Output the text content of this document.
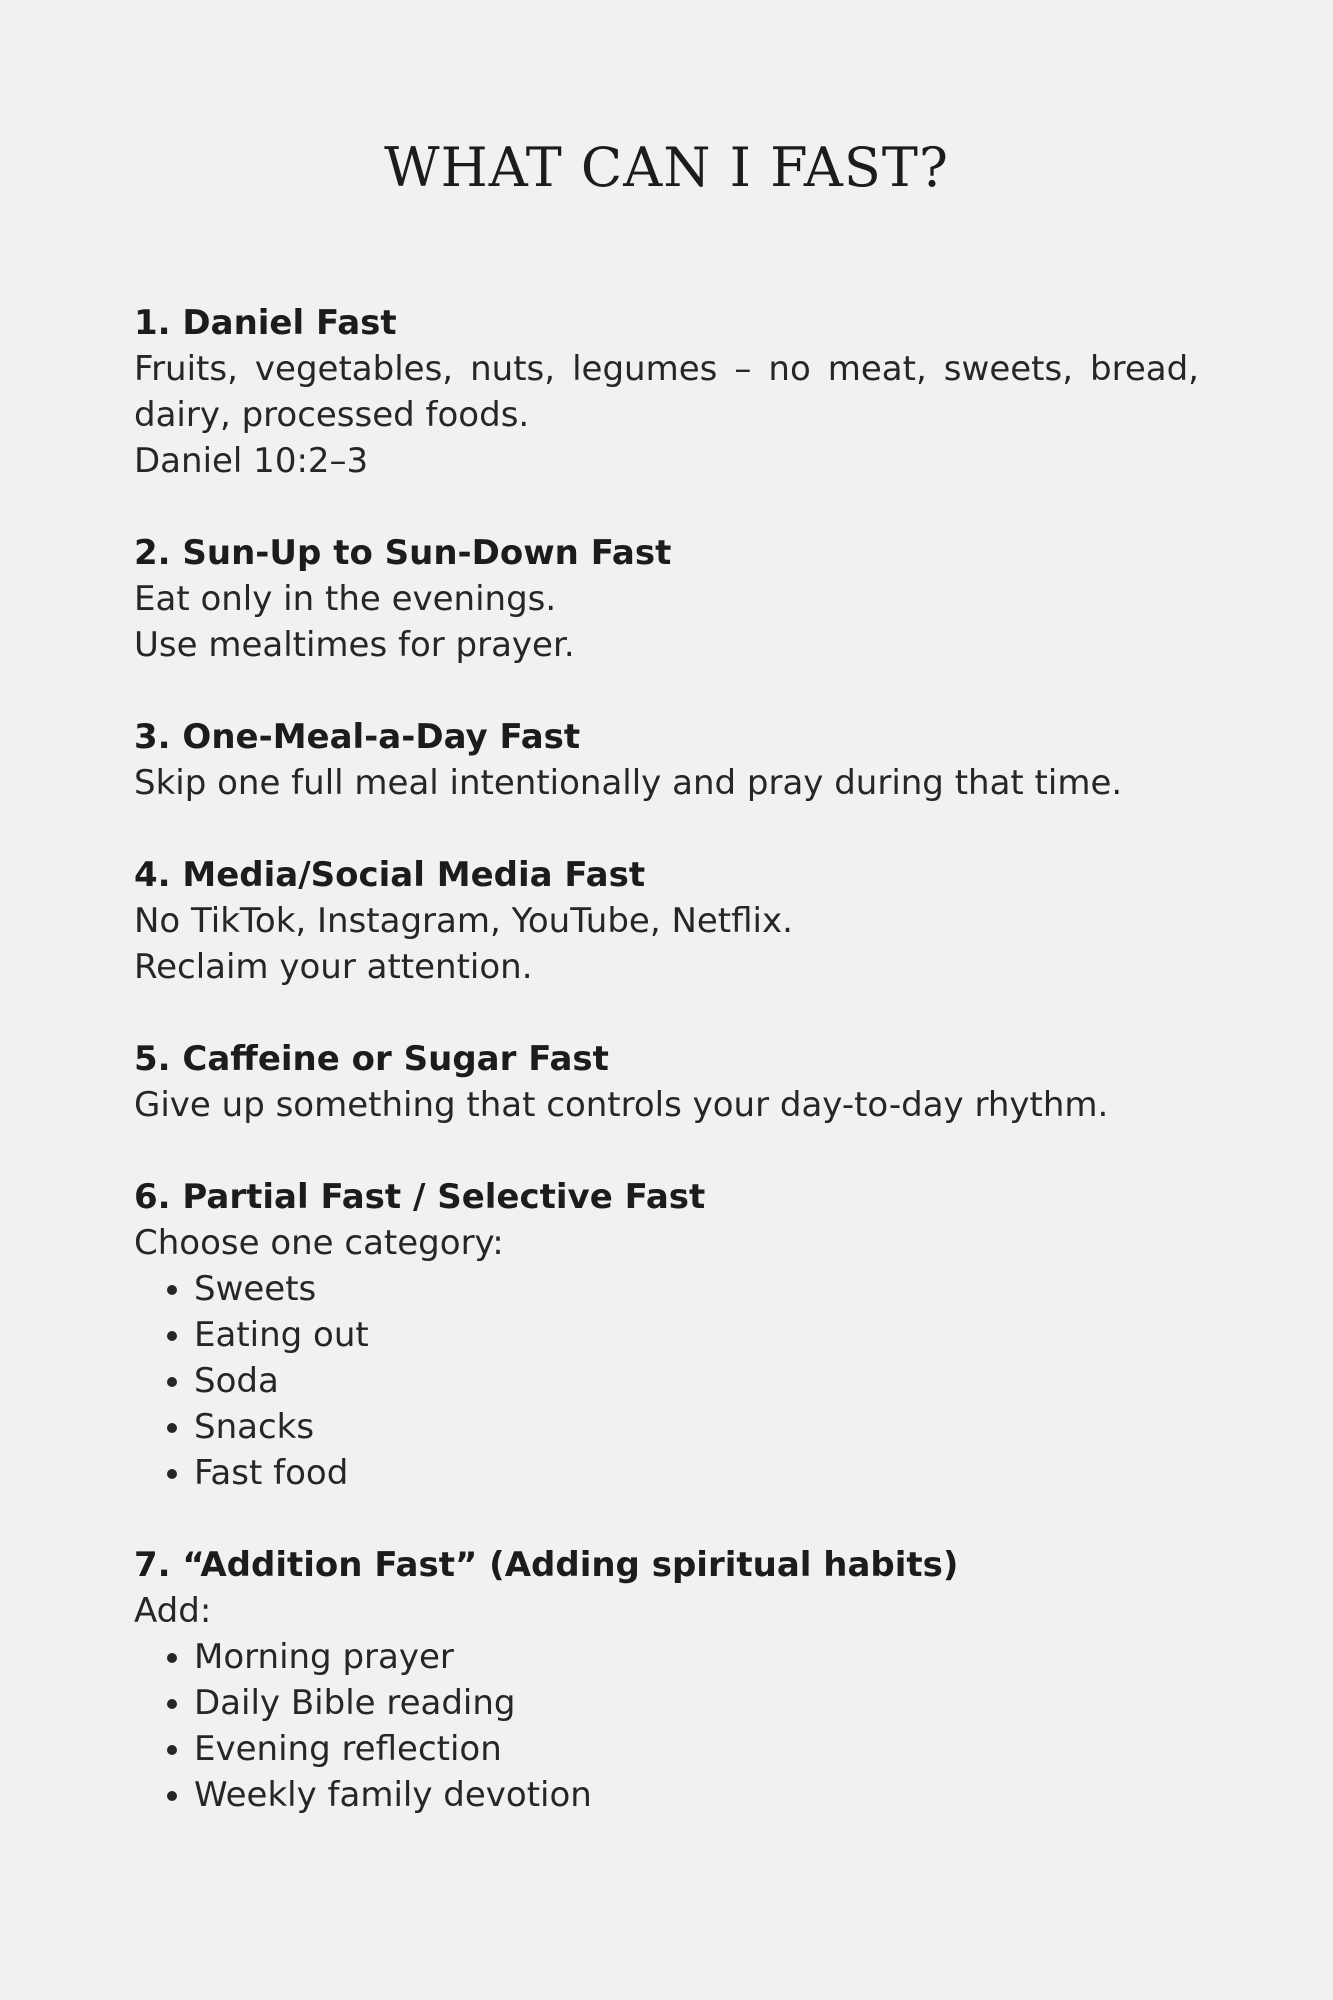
WHAT CAN I FAST?
1. Daniel Fast
Fruits, vegetables, nuts, legumes – no meat, sweets, bread, dairy, processed foods.
Daniel 10:2–3
2. Sun-Up to Sun-Down Fast
Eat only in the evenings.
Use mealtimes for prayer.
3. One-Meal-a-Day Fast
Skip one full meal intentionally and pray during that time.
4. Media/Social Media Fast
No TikTok, Instagram, YouTube, Netflix.
Reclaim your attention.
5. Caffeine or Sugar Fast
Give up something that controls your day-to-day rhythm.
6. Partial Fast / Selective Fast
Choose one category:
• Sweets
• Eating out
• Soda
• Snacks
• Fast food
7. “Addition Fast” (Adding spiritual habits)
Add:
• Morning prayer
• Daily Bible reading
• Evening reflection
• Weekly family devotion
